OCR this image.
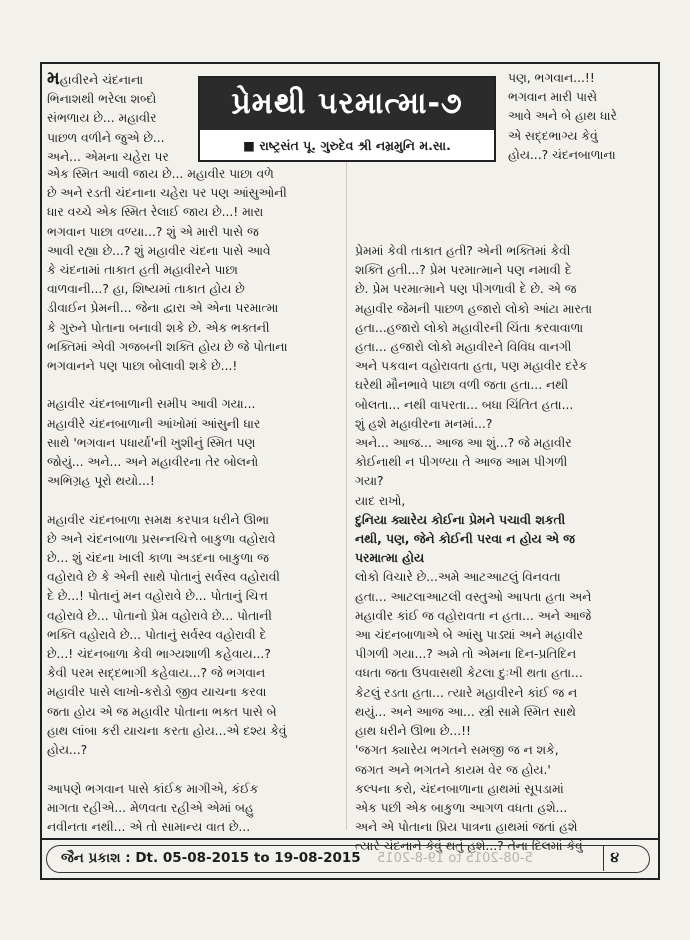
પ્રેમથી પરમાત્મા-૭
■ રાષ્ટ્રસંત પૂ. ગુરુદેવ શ્રી નમ્રમુનિ મ.સા.

મહાવીરને ચંદનાના

ભિનાશથી ભરેલા શબ્દો

સંભળાય છે... મહાવીર

પાછળ વળીને જુએ છે...

અને... એમના ચહેરા પર

એક સ્મિત આવી જાય છે... મહાવીર પાછા વળે

છે અને રડતી ચંદનાના ચહેરા પર પણ આંસુઓની

ધાર વચ્ચે એક સ્મિત રેલાઈ જાય છે...! મારા

ભગવાન પાછા વળ્યા...? શું એ મારી પાસે જ

આવી રહ્યા છે...? શું મહાવીર ચંદના પાસે આવે

કે ચંદનામાં તાકાત હતી મહાવીરને પાછા

વાળવાની...? હા, શિષ્યમાં તાકાત હોય છે

ડીવાઈન પ્રેમની... જેના દ્વારા એ એના પરમાત્મા

કે ગુરુને પોતાના બનાવી શકે છે. એક ભક્તની

ભક્તિમાં એવી ગજબની શક્તિ હોય છે જે પોતાના

ભગવાનને પણ પાછા બોલાવી શકે છે...!

મહાવીર ચંદનબાળાની સમીપ આવી ગયા...

મહાવીરે ચંદનબાળાની આંખોમાં આંસુની ધાર

સાથે 'ભગવાન પધાર્યા'ની ખુશીનું સ્મિત પણ

જોયું... અને... અને મહાવીરના તેર બોલનો

અભિગ્રહ પૂરો થયો...!

મહાવીર ચંદનબાળા સમક્ષ કરપાત્ર ધરીને ઊભા

છે અને ચંદનબાળા પ્રસન્નચિત્તે બાકુળા વહોરાવે

છે... શું ચંદના ખાલી કાળા અડદના બાકુળા જ

વહોરાવે છે કે એની સાથે પોતાનું સર્વસ્વ વહોરાવી

દે છે...! પોતાનું મન વહોરાવે છે... પોતાનું ચિત્ત

વહોરાવે છે... પોતાનો પ્રેમ વહોરાવે છે... પોતાની

ભક્તિ વહોરાવે છે... પોતાનું સર્વસ્વ વહોરાવી દે

છે...! ચંદનબાળા કેવી ભાગ્યશાળી કહેવાય...?

કેવી પરમ સદ્દભાગી કહેવાય...? જે ભગવાન

મહાવીર પાસે લાખો-કરોડો જીવ યાચના કરવા

જતા હોય એ જ મહાવીર પોતાના ભક્ત પાસે બે

હાથ લાંબા કરી યાચના કરતા હોય...એ દશ્ય કેવું

હોય...?

આપણે ભગવાન પાસે કાંઈક માગીએ, કંઈક

માગતા રહીએ... મેળવતા રહીએ એમાં બહુ

નવીનતા નથી... એ તો સામાન્ય વાત છે...

પણ, ભગવાન...!!

ભગવાન મારી પાસે

આવે અને બે હાથ ધારે

એ સદ્દભાગ્ય કેવું

હોય...? ચંદનબાળાના

પ્રેમમાં કેવી તાકાત હતી? એની ભક્તિમાં કેવી

શક્તિ હતી...? પ્રેમ પરમાત્માને પણ નમાવી દે

છે. પ્રેમ પરમાત્માને પણ પીગળાવી દે છે. એ જ

મહાવીર જેમની પાછળ હજારો લોકો આંટા મારતા

હતા...હજારો લોકો મહાવીરની ચિંતા કરવાવાળા

હતા... હજારો લોકો મહાવીરને વિવિધ વાનગી

અને પકવાન વહોરાવતા હતા, પણ મહાવીર દરેક

ઘરેથી મૌનભાવે પાછા વળી જતા હતા... નથી

બોલતા... નથી વાપરતા... બધા ચિંતિત હતા...

શું હશે મહાવીરના મનમાં...?

અને... આજ... આજ આ શું...? જે મહાવીર

કોઈનાથી ન પીગળ્યા તે આજ આમ પીગળી

ગયા?

યાદ રાખો,

દુનિયા ક્યારેય કોઈના પ્રેમને પચાવી શકતી

નથી, પણ, જેને કોઈની પરવા ન હોય એ જ

પરમાત્મા હોય

લોકો વિચારે છે...અમે આટઆટલું વિનવતા

હતા... આટલાઆટલી વસ્તુઓ આપતા હતા અને

મહાવીર કાંઈ જ વહોરાવતા ન હતા... અને આજે

આ ચંદનબાળાએ બે આંસુ પાડ્યાં અને મહાવીર

પીગળી ગયા...? અમે તો એમના દિન-પ્રતિદિન

વધતા જતા ઉપવાસથી કેટલા દુઃખી થતા હતા...

કેટલું રડતા હતા... ત્યારે મહાવીરને કાંઈ જ ન

થયું... અને આજ આ... સ્ત્રી સામે સ્મિત સાથે

હાથ ધરીને ઊભા છે...!!

'જગત ક્યારેય ભગતને સમજી જ ન શકે,

જગત અને ભગતને કાયમ વેર જ હોય.'

કલ્પના કરો, ચંદનબાળાના હાથમાં સૂપડામાં

એક પછી એક બાકુળા આગળ વધતા હશે...

અને એ પોતાના પ્રિય પાત્રના હાથમાં જતાં હશે

ત્યારે ચંદનાને કેવું થતું હશે...? તેના દિલમાં કેવું

જૈન પ્રકાશ : Dt. 05-08-2015 to 19-08-2015 5-08-2015 to 19-8-2015	૪
